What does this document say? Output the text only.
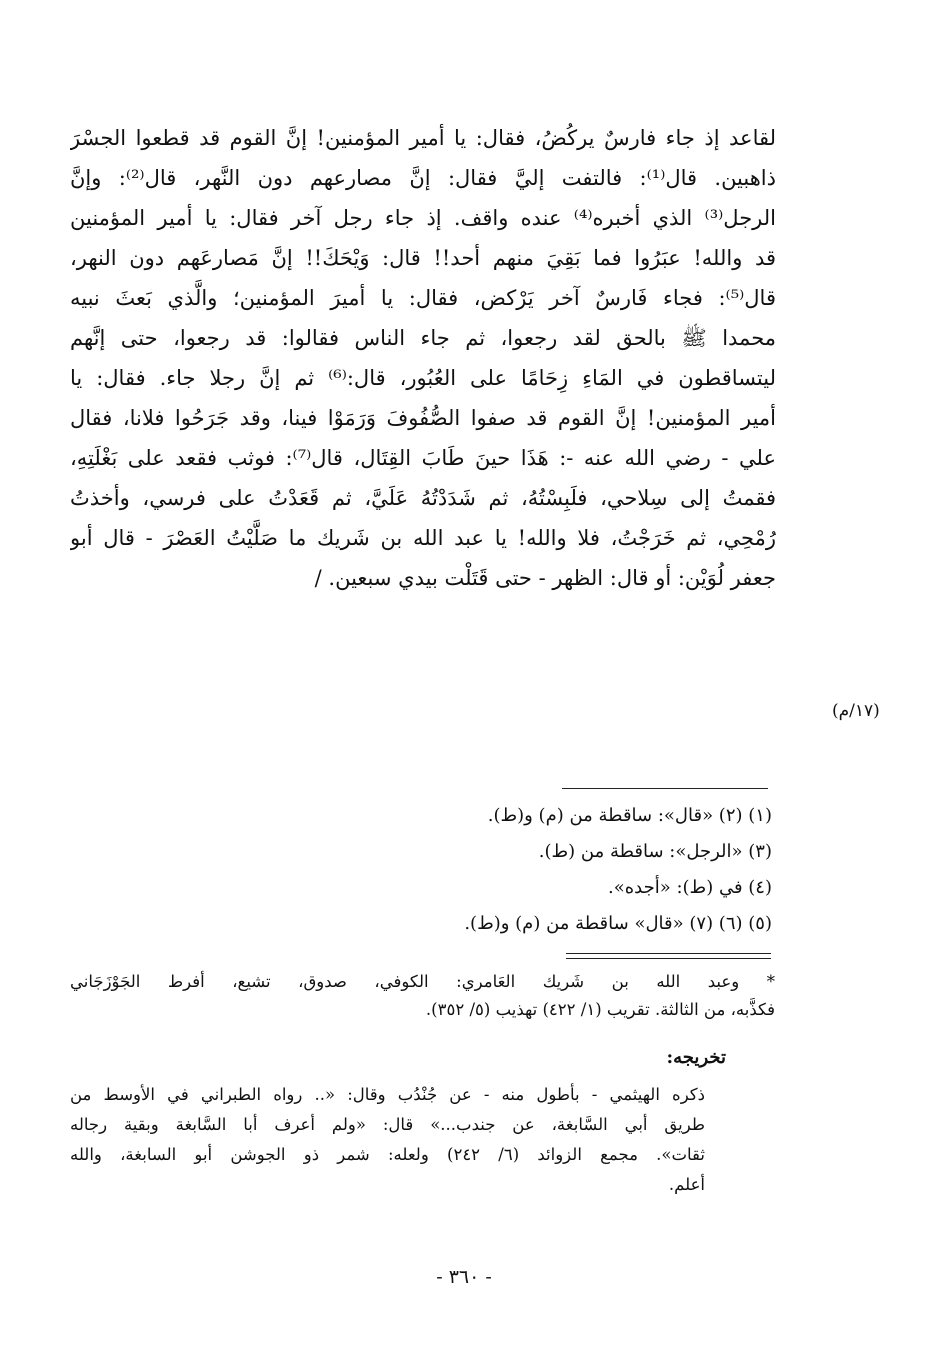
لقاعد إذ جاء فارسٌ يركُضُ، فقال: يا أمير المؤمنين! إنَّ القوم قد قطعوا الجسْرَ
ذاهبين. قال⁽¹⁾: فالتفت إليَّ فقال: إنَّ مصارعهم دون النَّهر، قال⁽²⁾: وإنَّ
الرجل⁽³⁾ الذي أخبره⁽⁴⁾ عنده واقف. إذ جاء رجل آخر فقال: يا أمير المؤمنين
قد والله! عبَرُوا فما بَقِيَ منهم أحد!! قال: وَيْحَكَ!! إنَّ مَصارعَهم دون النهر،
قال⁽⁵⁾: فجاء فَارسٌ آخر يَرْكض، فقال: يا أميرَ المؤمنين؛ والَّذي بَعثَ نبيه
محمدا ﷺ بالحق لقد رجعوا، ثم جاء الناس فقالوا: قد رجعوا، حتى إنَّهم
ليتساقطون في المَاءِ زِحَامًا على العُبُور، قال:⁽⁶⁾ ثم إنَّ رجلا جاء. فقال: يا
أمير المؤمنين! إنَّ القوم قد صفوا الصُّفُوفَ وَرَمَوْا فينا، وقد جَرَحُوا فلانا، فقال
علي - رضي الله عنه -: هَذَا حينَ طَابَ القِتَال، قال⁽⁷⁾: فوثب فقعد على بَغْلَتِهِ،
فقمتُ إلى سِلاحي، فلَبِسْتُهُ، ثم شَدَدْتُهُ عَلَيَّ، ثم قَعَدْتُ على فرسي، وأخذتُ
رُمْحِي، ثم خَرَجْتُ، فلا والله! يا عبد الله بن شَريك ما صَلَّيْتُ العَصْرَ - قال أبو
جعفر لُوَيْن: أو قال: الظهر - حتى قَتَلْت بيدي سبعين. /
(١٧/م)
(١) (٢) «قال»: ساقطة من (م) و(ط).
(٣) «الرجل»: ساقطة من (ط).
(٤) في (ط): «أجده».
(٥) (٦) (٧) «قال» ساقطة من (م) و(ط).
* وعبد الله بن شَريك العَامري: الكوفي، صدوق، تشيع، أفرط الجَوْزَجَاني
فكذَّبه، من الثالثة. تقريب (١/ ٤٢٢) تهذيب (٥/ ٣٥٢).
تخريجه:
ذكره الهيثمي - بأطول منه - عن جُنْدُب وقال: «.. رواه الطبراني في الأوسط من
طريق أبي السَّابغة، عن جندب...» قال: «ولم أعرف أبا السَّابغة وبقية رجاله
ثقات». مجمع الزوائد (٦/ ٢٤٢) ولعله: شمر ذو الجوشن أبو السابغة، والله
أعلم.
- ٣٦٠ -
